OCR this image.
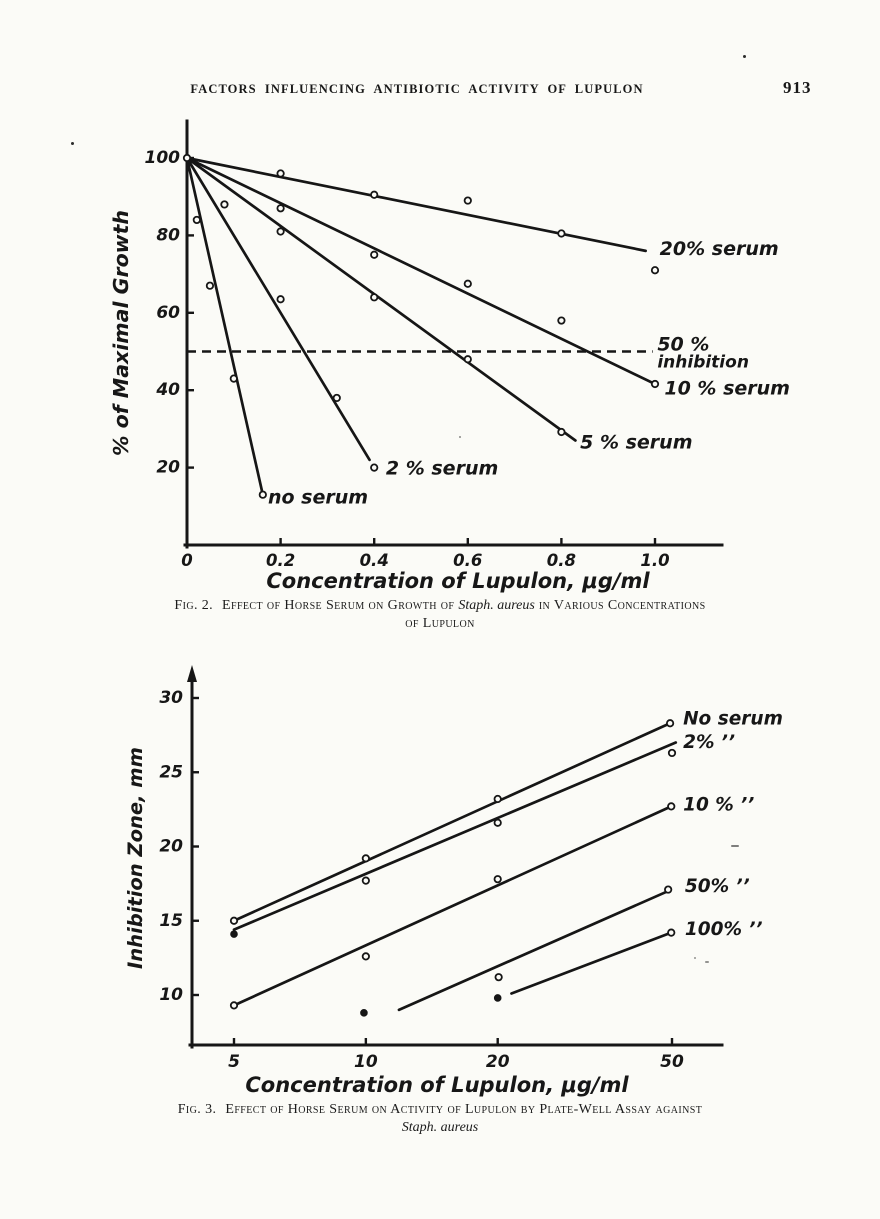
FACTORS INFLUENCING ANTIBIOTIC ACTIVITY OF LUPULON	913
0	0.2	0.4	0.6	0.8	1.0
100
80
60
40
20
Concentration of Lupulon, μg/ml
% of Maximal Growth	50 %
inhibition
20% serum
10 % serum
5 % serum
2 % serum
no serum
5	10	20	50
30
25
20
15
10
Concentration of Lupulon, μg/ml
Inhibition Zone, mm
No serum
2% ’’
10 % ’’
50% ’’
100% ’’
Fig. 2. Effect of Horse Serum on Growth of Staph. aureus in Various Concentrations
of Lupulon
Fig. 3. Effect of Horse Serum on Activity of Lupulon by Plate-Well Assay against
Staph. aureus
